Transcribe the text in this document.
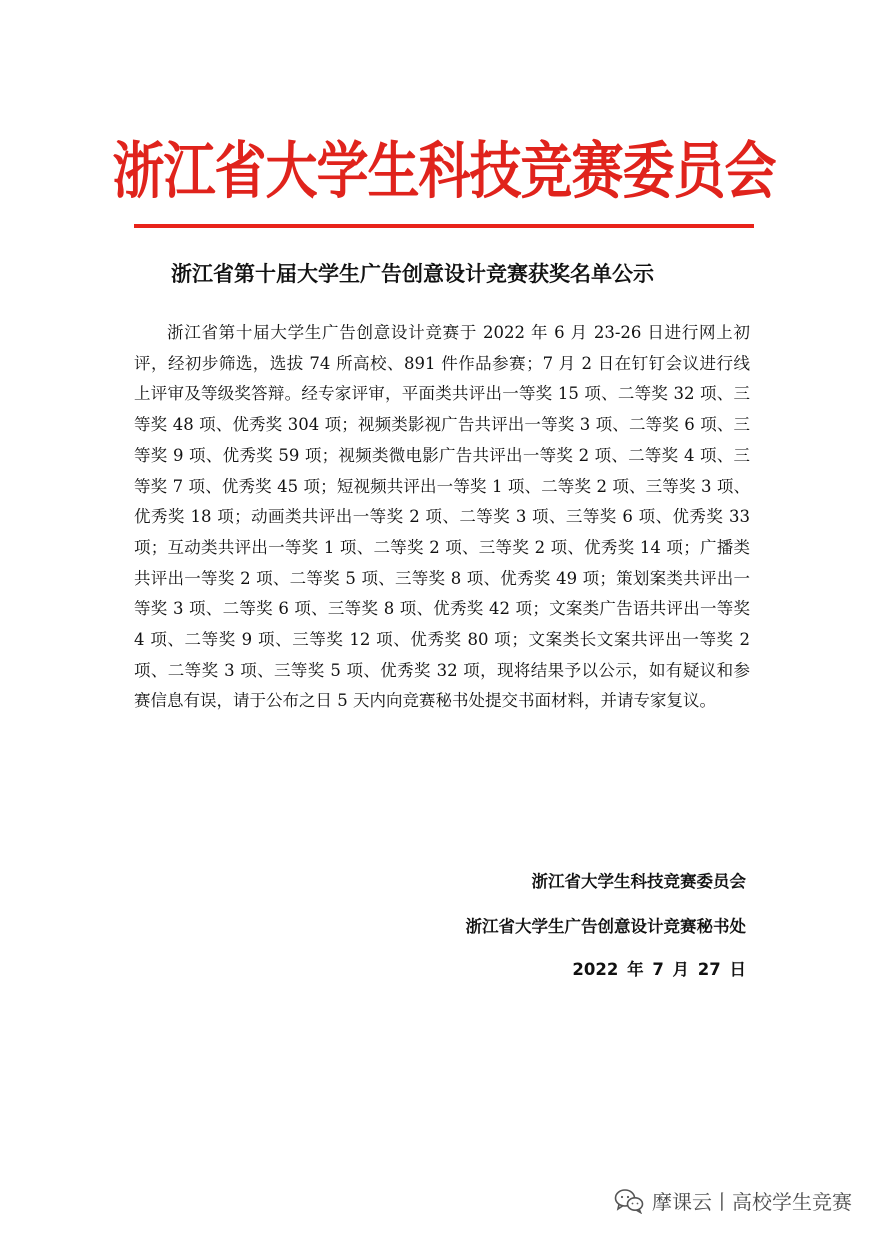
浙江省大学生科技竞赛委员会
浙江省第十届大学生广告创意设计竞赛获奖名单公示

浙江省第十届大学生广告创意设计竞赛于 2022 年 6 月 23-26 日进行网上初评，经初步筛选，选拔 74 所高校、891 件作品参赛；7 月 2 日在钉钉会议进行线上评审及等级奖答辩。经专家评审，平面类共评出一等奖 15 项、二等奖 32 项、三等奖 48 项、优秀奖 304 项；视频类影视广告共评出一等奖 3 项、二等奖 6 项、三等奖 9 项、优秀奖 59 项；视频类微电影广告共评出一等奖 2 项、二等奖 4 项、三等奖 7 项、优秀奖 45 项；短视频共评出一等奖 1 项、二等奖 2 项、三等奖 3 项、优秀奖 18 项；动画类共评出一等奖 2 项、二等奖 3 项、三等奖 6 项、优秀奖 33 项；互动类共评出一等奖 1 项、二等奖 2 项、三等奖 2 项、优秀奖 14 项；广播类共评出一等奖 2 项、二等奖 5 项、三等奖 8 项、优秀奖 49 项；策划案类共评出一等奖 3 项、二等奖 6 项、三等奖 8 项、优秀奖 42 项；文案类广告语共评出一等奖 4 项、二等奖 9 项、三等奖 12 项、优秀奖 80 项；文案类长文案共评出一等奖 2 项、二等奖 3 项、三等奖 5 项、优秀奖 32 项，现将结果予以公示，如有疑议和参赛信息有误，请于公布之日 5 天内向竞赛秘书处提交书面材料，并请专家复议。

浙江省大学生科技竞赛委员会
浙江省大学生广告创意设计竞赛秘书处
2022 年 7 月 27 日
摩课云丨高校学生竞赛
